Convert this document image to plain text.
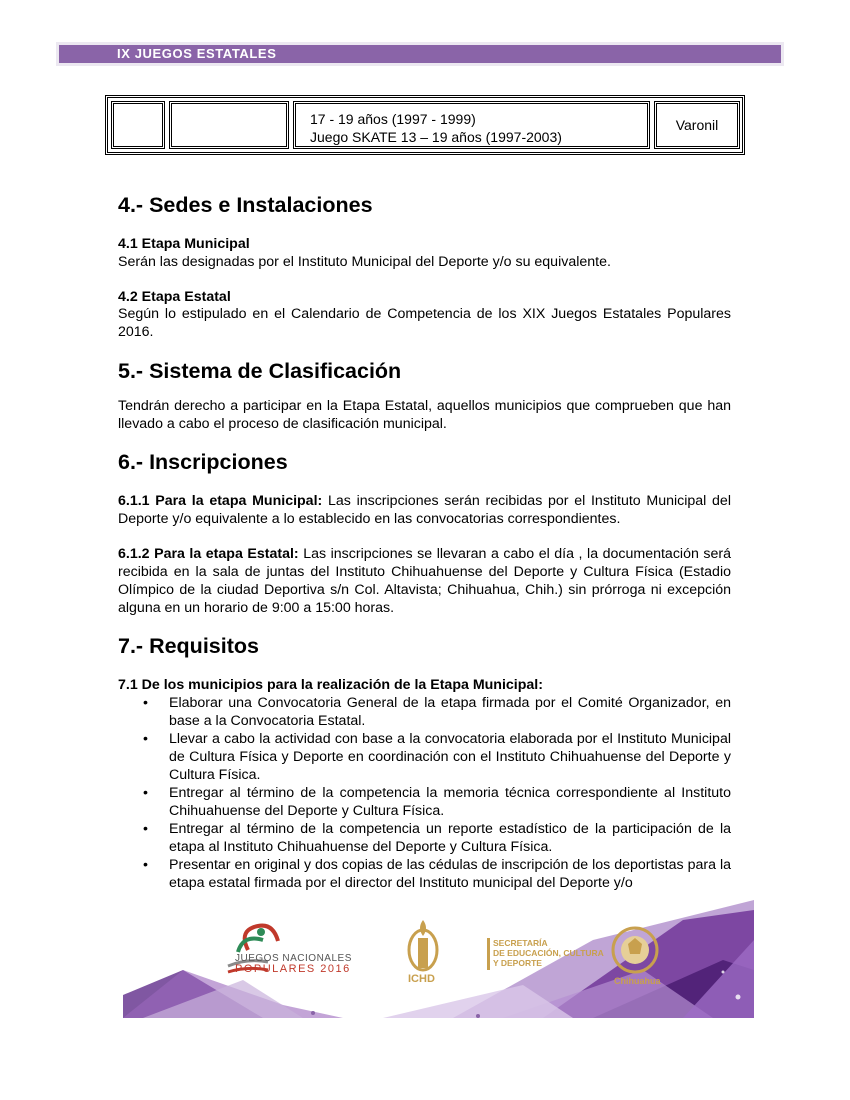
IX JUEGOS ESTATALES
17 - 19 años (1997 - 1999)
Juego SKATE 13 – 19 años (1997-2003)
Varonil
4.- Sedes e Instalaciones
4.1 Etapa Municipal
Serán las designadas por el Instituto Municipal del Deporte y/o su equivalente.
4.2 Etapa Estatal

Según lo estipulado en el Calendario de Competencia de los XIX Juegos Estatales Populares 2016.

5.- Sistema de Clasificación

Tendrán derecho a participar en la Etapa Estatal, aquellos municipios que comprueben que han llevado a cabo el proceso de clasificación municipal.

6.- Inscripciones

6.1.1 Para la etapa Municipal: Las inscripciones serán recibidas por el Instituto Municipal del Deporte y/o equivalente a lo establecido en las convocatorias correspondientes.

6.1.2 Para la etapa Estatal: Las inscripciones se llevaran a cabo el día , la documentación será recibida en la sala de juntas del Instituto Chihuahuense del Deporte y Cultura Física (Estadio Olímpico de la ciudad Deportiva s/n Col. Altavista; Chihuahua, Chih.) sin prórroga ni excepción alguna en un horario de 9:00 a 15:00 horas.

7.- Requisitos
7.1 De los municipios para la realización de la Etapa Municipal:
• Elaborar una Convocatoria General de la etapa firmada por el Comité Organizador, en base a la Convocatoria Estatal.
• Llevar a cabo la actividad con base a la convocatoria elaborada por el Instituto Municipal de Cultura Física y Deporte en coordinación con el Instituto Chihuahuense del Deporte y Cultura Física.
• Entregar al término de la competencia la memoria técnica correspondiente al Instituto Chihuahuense del Deporte y Cultura Física.
• Entregar al término de la competencia un reporte estadístico de la participación de la etapa al Instituto Chihuahuense del Deporte y Cultura Física.
• Presentar en original y dos copias de las cédulas de inscripción de los deportistas para la etapa estatal firmada por el director del Instituto municipal del Deporte y/o
JUEGOS NACIONALES
POPULARES 2016
ICHD
SECRETARÍA
DE EDUCACIÓN, CULTURA
Y DEPORTE
Chihuahua
